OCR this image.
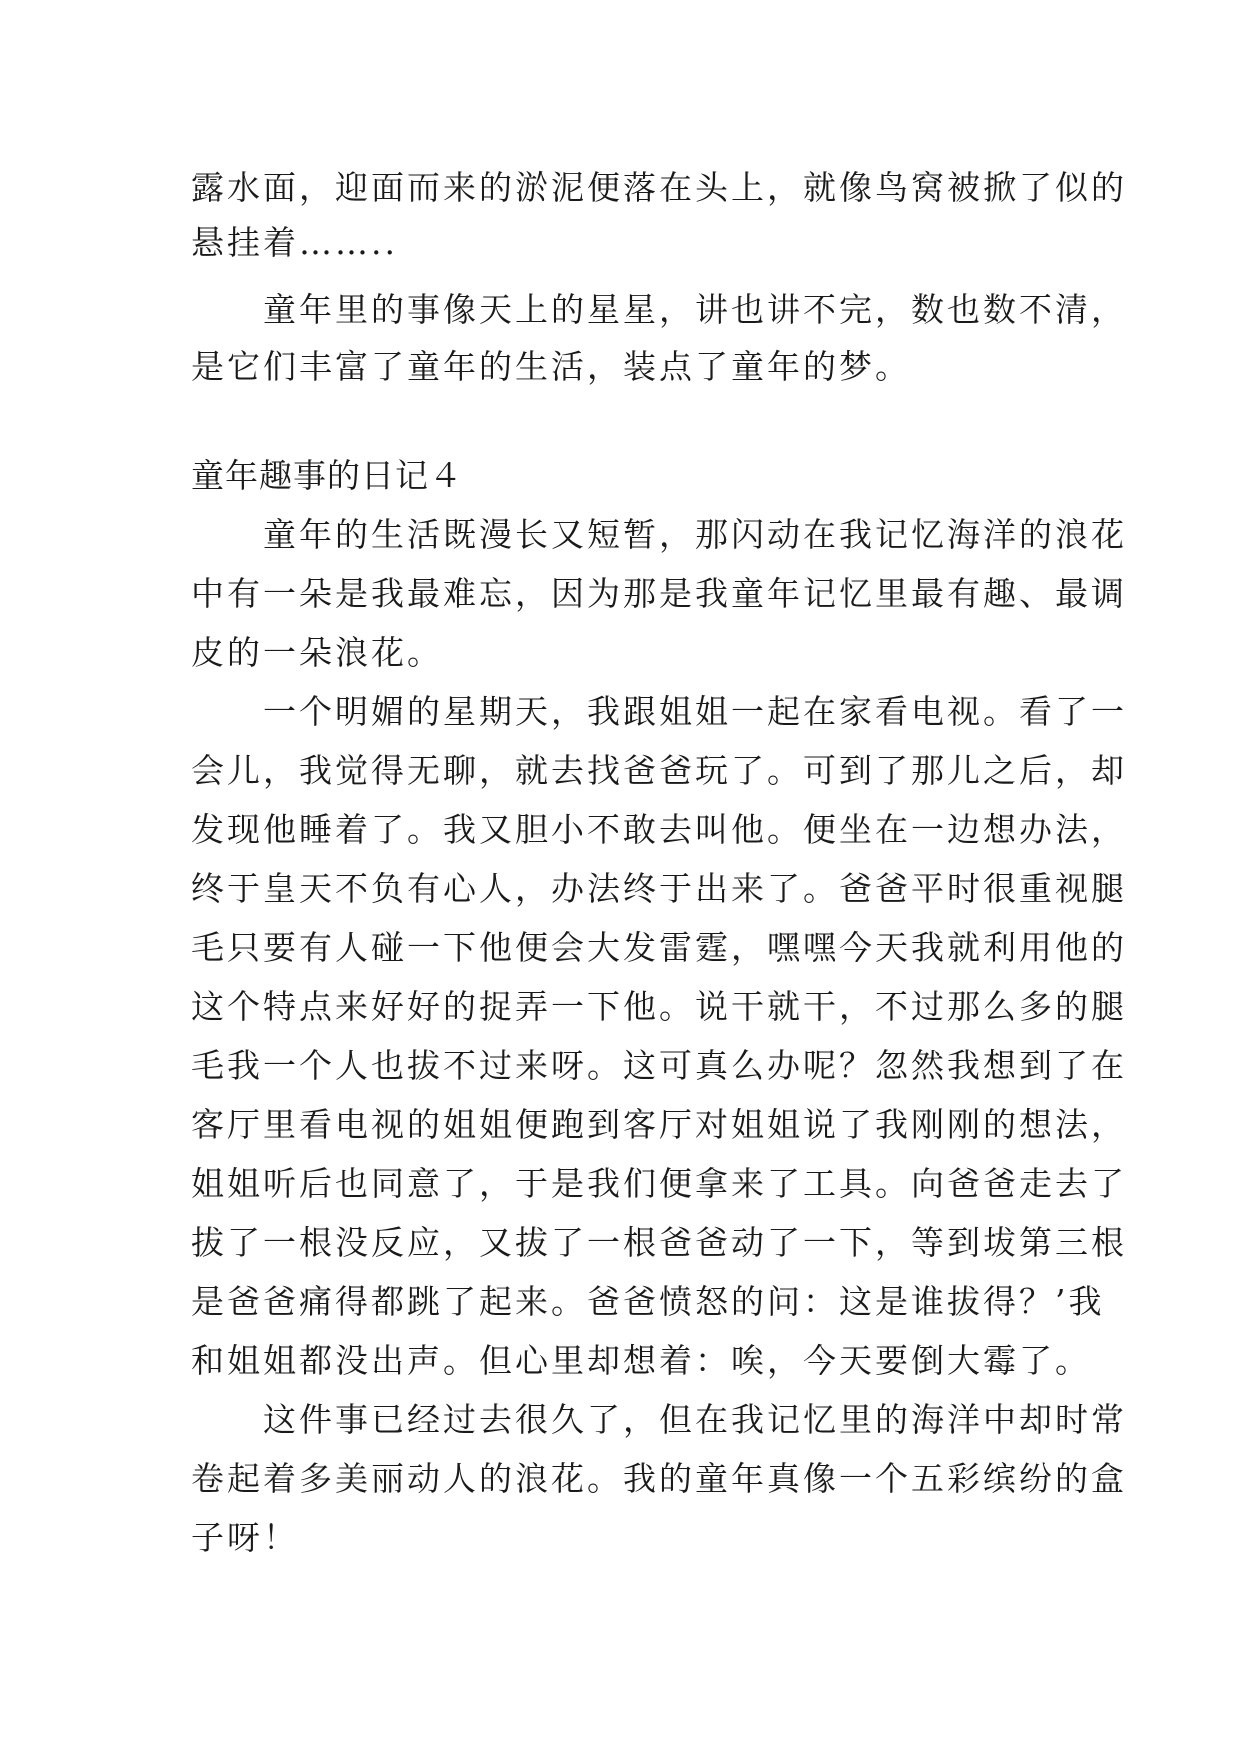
露水面，迎面而来的淤泥便落在头上，就像鸟窝被掀了似的
悬挂着……..
　　童年里的事像天上的星星，讲也讲不完，数也数不清，
是它们丰富了童年的生活，装点了童年的梦。
童年趣事的日记４
　　童年的生活既漫长又短暂，那闪动在我记忆海洋的浪花
中有一朵是我最难忘，因为那是我童年记忆里最有趣、最调
皮的一朵浪花。
　　一个明媚的星期天，我跟姐姐一起在家看电视。看了一
会儿，我觉得无聊，就去找爸爸玩了。可到了那儿之后，却
发现他睡着了。我又胆小不敢去叫他。便坐在一边想办法，
终于皇天不负有心人，办法终于出来了。爸爸平时很重视腿
毛只要有人碰一下他便会大发雷霆，嘿嘿今天我就利用他的
这个特点来好好的捉弄一下他。说干就干，不过那么多的腿
毛我一个人也拔不过来呀。这可真么办呢？忽然我想到了在
客厅里看电视的姐姐便跑到客厅对姐姐说了我刚刚的想法，
姐姐听后也同意了，于是我们便拿来了工具。向爸爸走去了
拔了一根没反应，又拔了一根爸爸动了一下，等到坺第三根
是爸爸痛得都跳了起来。爸爸愤怒的问：这是谁拔得？’我
和姐姐都没出声。但心里却想着：唉，今天要倒大霉了。
　　这件事已经过去很久了，但在我记忆里的海洋中却时常
卷起着多美丽动人的浪花。我的童年真像一个五彩缤纷的盒
子呀！
